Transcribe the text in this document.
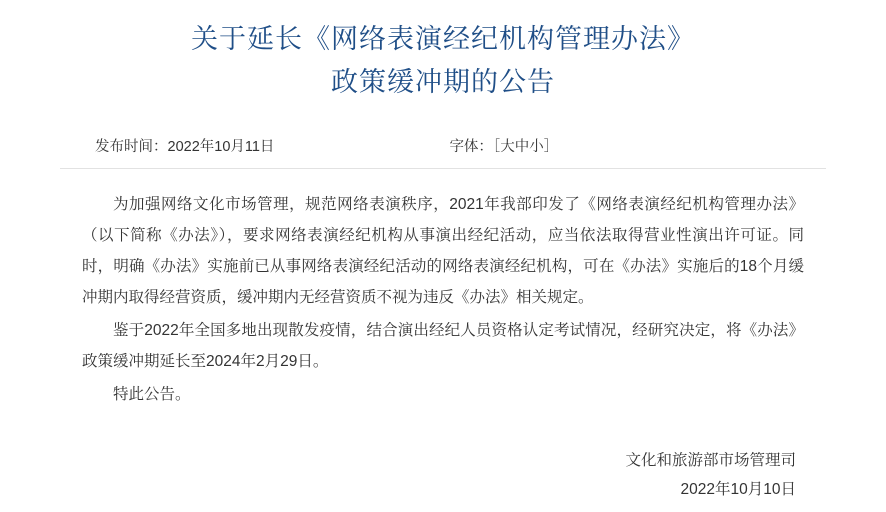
关于延长《网络表演经纪机构管理办法》
政策缓冲期的公告
发布时间：2022年10月11日	字体：［大中小］

为加强网络文化市场管理，规范网络表演秩序，2021年我部印发了《网络表演经纪机构管理办法》（以下简称《办法》），要求网络表演经纪机构从事演出经纪活动，应当依法取得营业性演出许可证。同时，明确《办法》实施前已从事网络表演经纪活动的网络表演经纪机构，可在《办法》实施后的18个月缓冲期内取得经营资质，缓冲期内无经营资质不视为违反《办法》相关规定。

鉴于2022年全国多地出现散发疫情，结合演出经纪人员资格认定考试情况，经研究决定，将《办法》政策缓冲期延长至2024年2月29日。

特此公告。

文化和旅游部市场管理司
2022年10月10日
